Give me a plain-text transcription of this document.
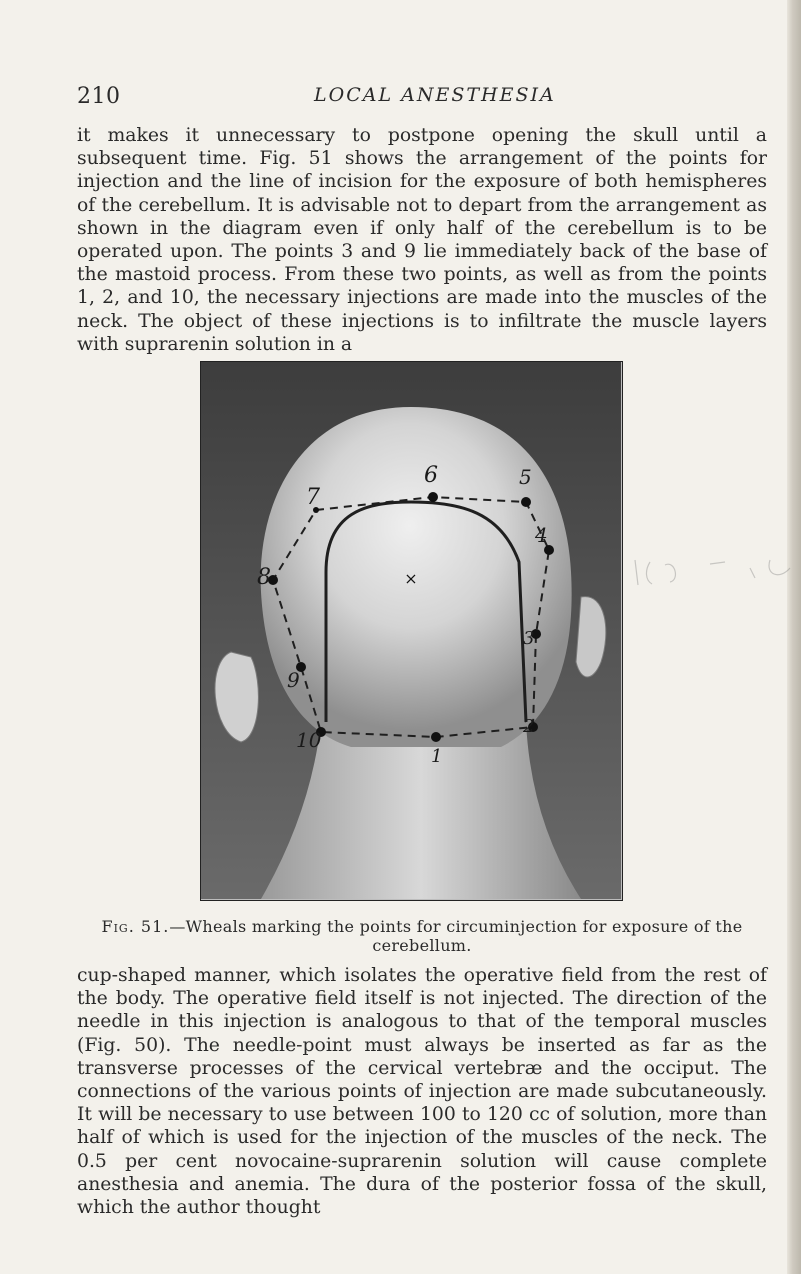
210	LOCAL ANESTHESIA

it makes it unnecessary to postpone opening the skull until a subsequent time. Fig. 51 shows the arrangement of the points for injection and the line of incision for the exposure of both hemispheres of the cerebellum. It is advisable not to depart from the arrangement as shown in the diagram even if only half of the cerebellum is to be operated upon. The points 3 and 9 lie immediately back of the base of the mastoid process. From these two points, as well as from the points 1, 2, and 10, the necessary injections are made into the muscles of the neck. The object of these injections is to infiltrate the muscle layers with suprarenin solution in a

×
6	5
4
3
2
1
10
9
8
7

Fig. 51.—Wheals marking the points for circuminjection for exposure of the cerebellum.

cup-shaped manner, which isolates the operative field from the rest of the body. The operative field itself is not injected. The direction of the needle in this injection is analogous to that of the temporal muscles (Fig. 50). The needle-point must always be inserted as far as the transverse processes of the cervical vertebræ and the occiput. The connections of the various points of injection are made subcutaneously. It will be necessary to use between 100 to 120 cc of solution, more than half of which is used for the injection of the muscles of the neck. The 0.5 per cent novocaine-suprarenin solution will cause complete anesthesia and anemia. The dura of the posterior fossa of the skull, which the author thought
